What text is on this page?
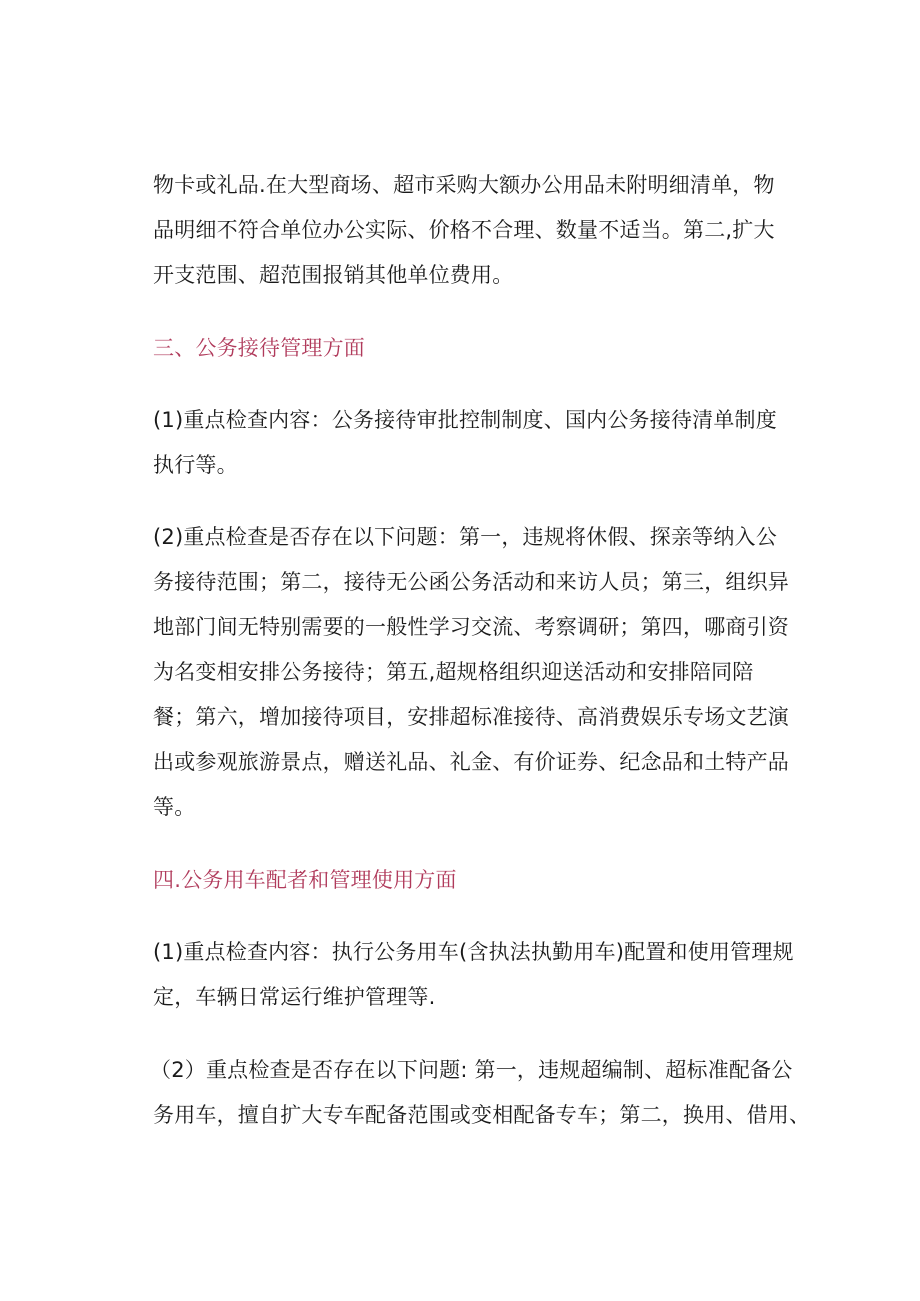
物卡或礼品.在大型商场、超市采购大额办公用品未附明细清单，物
品明细不符合单位办公实际、价格不合理、数量不适当。第二,扩大
开支范围、超范围报销其他单位费用。
三、公务接待管理方面
(1)重点检查内容：公务接待审批控制制度、国内公务接待清单制度
执行等。
(2)重点检查是否存在以下问题：第一，违规将休假、探亲等纳入公
务接待范围；第二，接待无公函公务活动和来访人员；第三，组织异
地部门间无特别需要的一般性学习交流、考察调研；第四，哪商引资
为名变相安排公务接待；第五,超规格组织迎送活动和安排陪同陪
餐；第六，增加接待项目，安排超标准接待、高消费娱乐专场文艺演
出或参观旅游景点，赠送礼品、礼金、有价证券、纪念品和土特产品
等。
四.公务用车配者和管理使用方面
(1)重点检查内容：执行公务用车(含执法执勤用车)配置和使用管理规
定，车辆日常运行维护管理等.
（2）重点检查是否存在以下问题: 第一，违规超编制、超标准配备公
务用车，擅自扩大专车配备范围或变相配备专车；第二，换用、借用、
